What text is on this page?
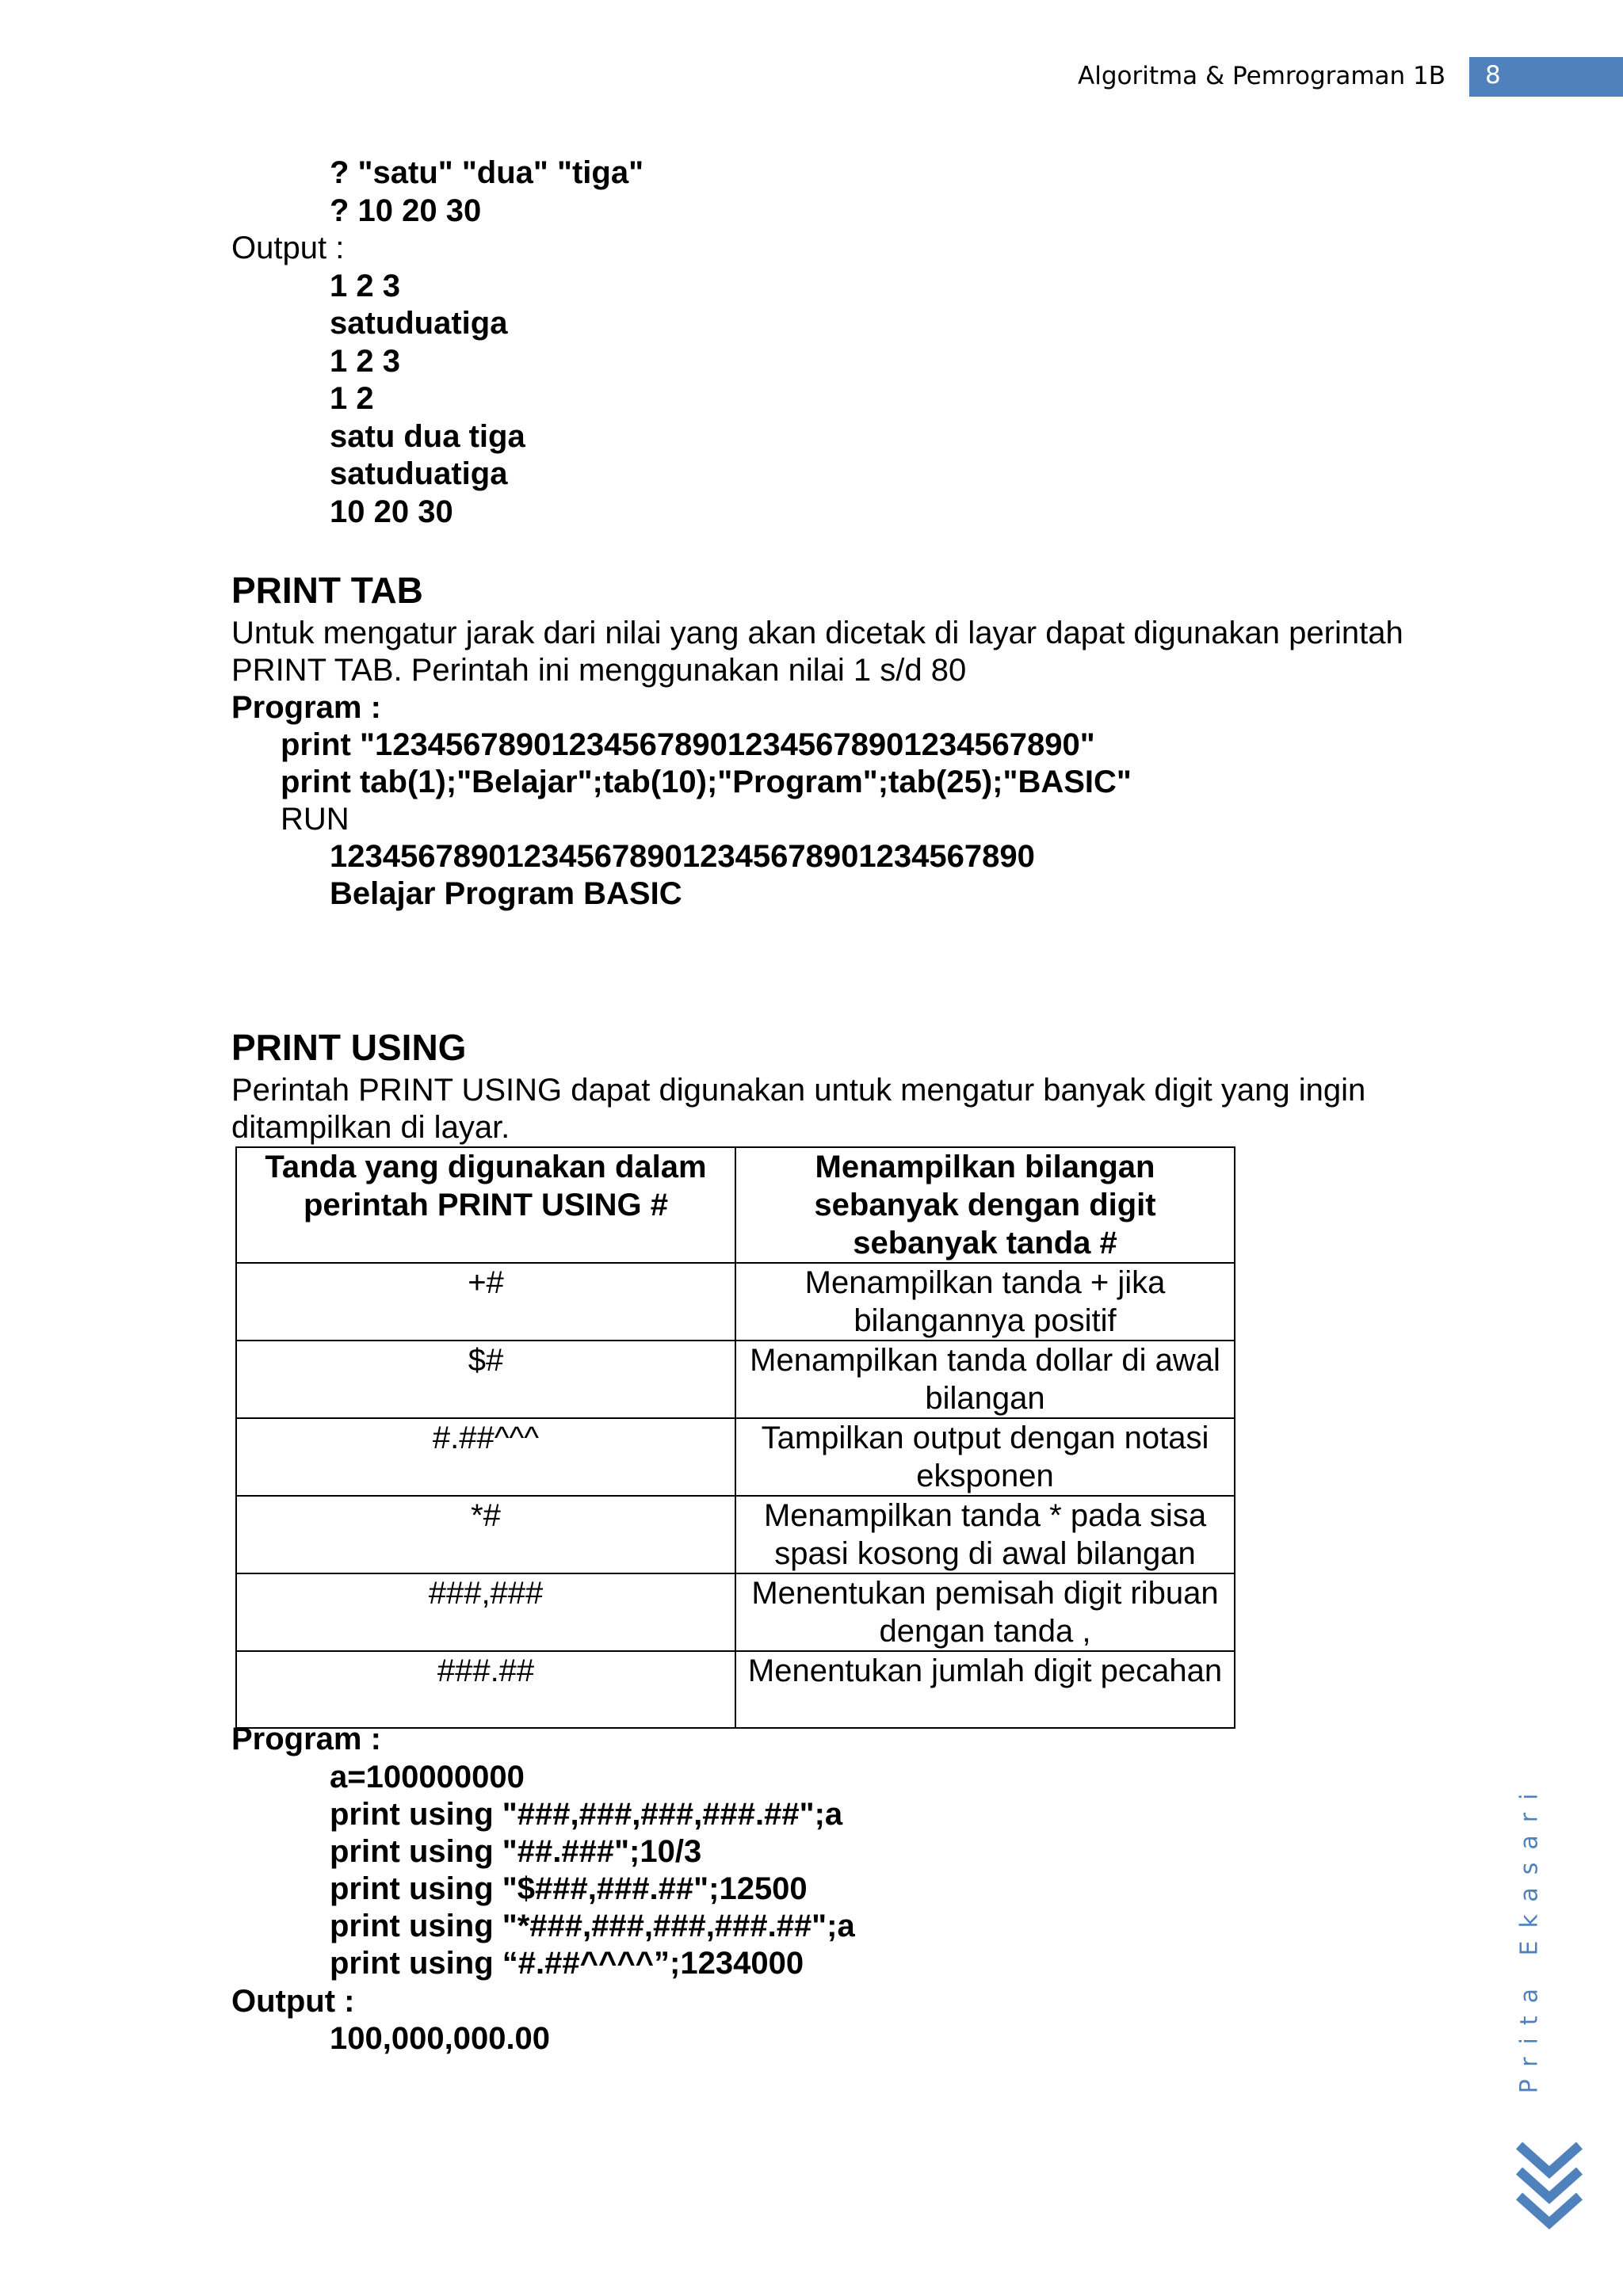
Algoritma & Pemrograman 1B 8
? "satu" "dua" "tiga"
? 10 20 30
Output :
1 2 3
satuduatiga
1 2 3
1 2
satu dua tiga
satuduatiga
10 20 30
PRINT TAB
Untuk mengatur jarak dari nilai yang akan dicetak di layar dapat digunakan perintah
PRINT TAB. Perintah ini menggunakan nilai 1 s/d 80
Program :
print "1234567890123456789012345678901234567890"
print tab(1);"Belajar";tab(10);"Program";tab(25);"BASIC"
RUN
1234567890123456789012345678901234567890
Belajar Program BASIC
PRINT USING
Perintah PRINT USING dapat digunakan untuk mengatur banyak digit yang ingin
ditampilkan di layar.
Tanda yang digunakan dalam perintah PRINT USING #	Menampilkan bilangan sebanyak dengan digit sebanyak tanda #
+#	Menampilkan tanda + jika bilangannya positif
$#	Menampilkan tanda dollar di awal bilangan
#.##^^^	Tampilkan output dengan notasi eksponen
*#	Menampilkan tanda * pada sisa spasi kosong di awal bilangan
###,###	Menentukan pemisah digit ribuan dengan tanda ,
###.##	Menentukan jumlah digit pecahan
Program :
a=100000000
print using "###,###,###,###.##";a
print using "##.###";10/3
print using "$###,###.##";12500
print using "*###,###,###,###.##";a
print using “#.##^^^^”;1234000
Output :
100,000,000.00	Prita Ekasari
